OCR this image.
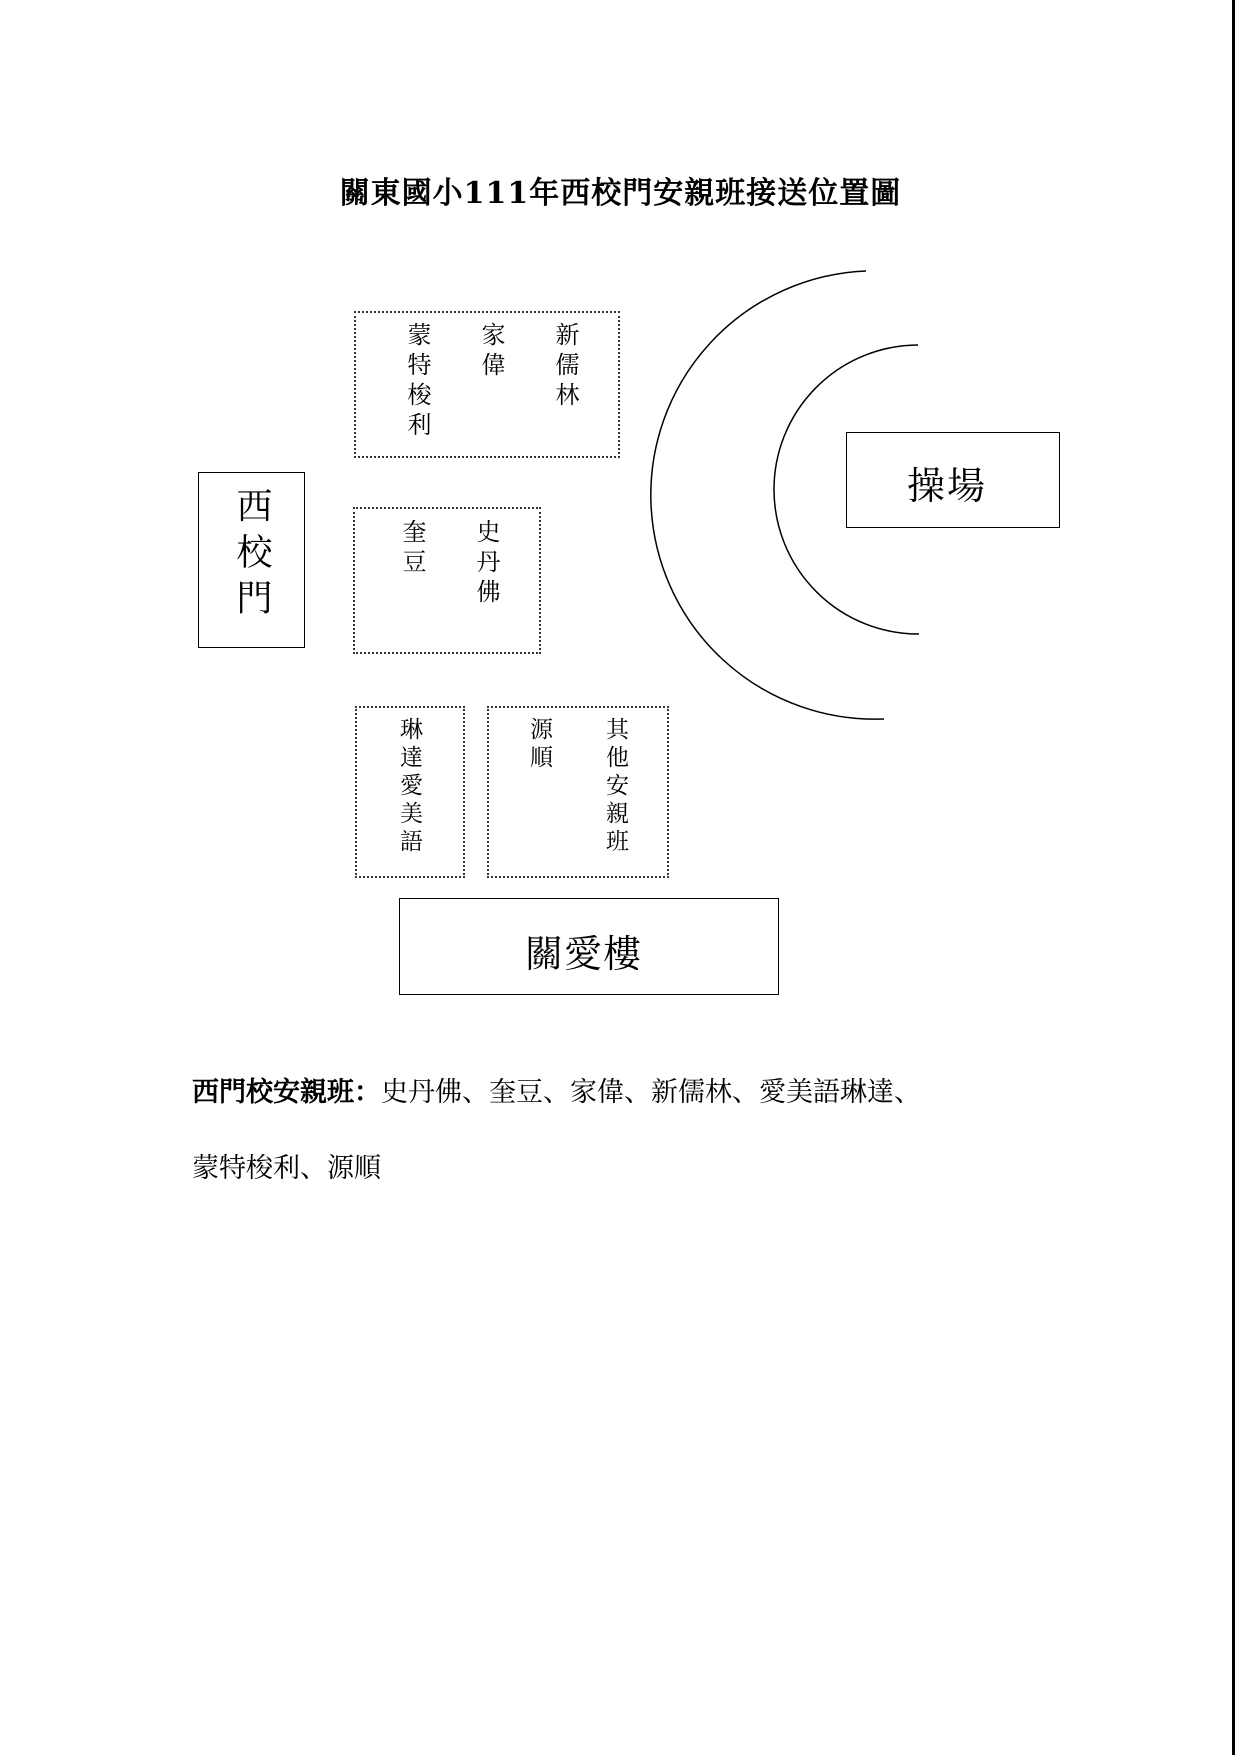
關東國小111年西校門安親班接送位置圖
西校門
新儒林
家偉
蒙特梭利
史丹佛
奎豆
琳達愛美語	其他安親班
源順
操場
關愛樓
西門校安親班：史丹佛、奎豆、家偉、新儒林、愛美語琳達、
蒙特梭利、源順
